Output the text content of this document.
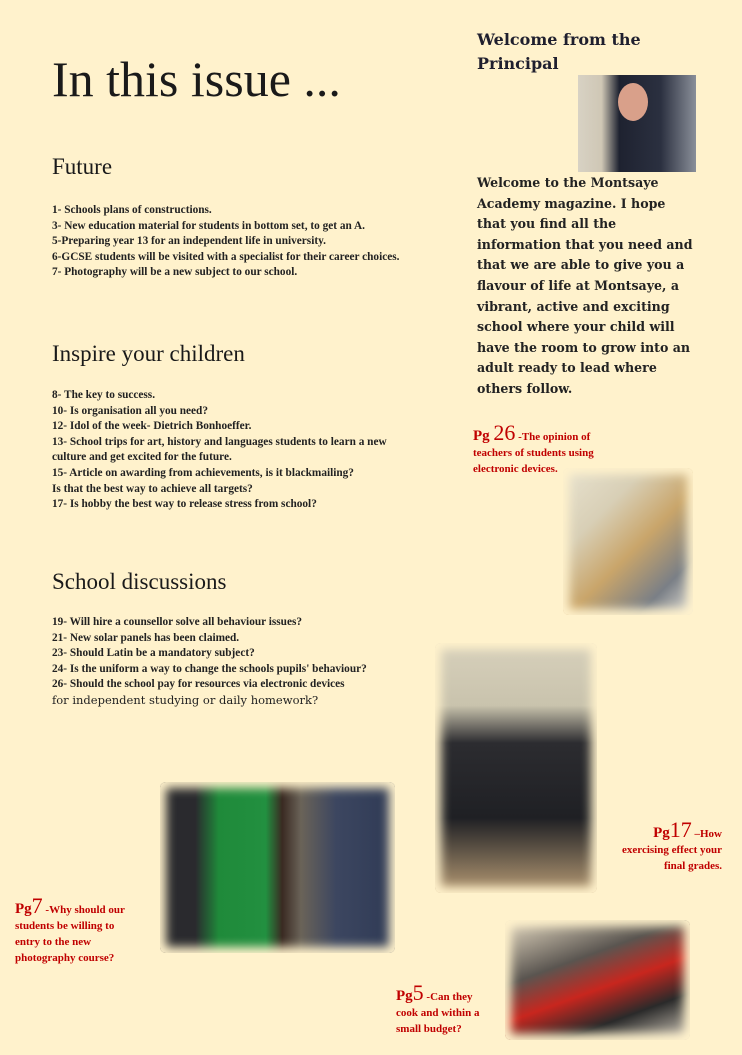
In this issue ...
Future
1- Schools plans of constructions.
3- New education material for students in bottom set, to get an A.
5-Preparing year 13 for an independent life in university.
6-GCSE students will be visited with a specialist for their career choices.
7- Photography will be a new subject to our school.
Inspire your children
8- The key to success.
10- Is organisation all you need?
12- Idol of the week- Dietrich Bonhoeffer.
13- School trips for art, history and languages students to learn a new culture and get excited for the future.
15- Article on awarding from achievements, is it blackmailing?
Is that the best way to achieve all targets?
17- Is hobby the best way to release stress from school?
School discussions
19- Will hire a counsellor solve all behaviour issues?
21- New solar panels has been claimed.
23- Should Latin be a mandatory subject?
24- Is the uniform a way to change the schools pupils' behaviour?
26- Should the school pay for resources via electronic devices
for independent studying or daily homework?
Welcome from the Principal
Welcome to the Montsaye Academy magazine. I hope that you find all the information that you need and that we are able to give you a flavour of life at Montsaye, a vibrant, active and exciting school where your child will have the room to grow into an adult ready to lead where others follow.
Pg 26 -The opinion of teachers of students using electronic devices.
Pg17 –How exercising effect your final grades.
Pg7 -Why should our students be willing to entry to the new photography course?
Pg5 -Can they cook and within a small budget?
